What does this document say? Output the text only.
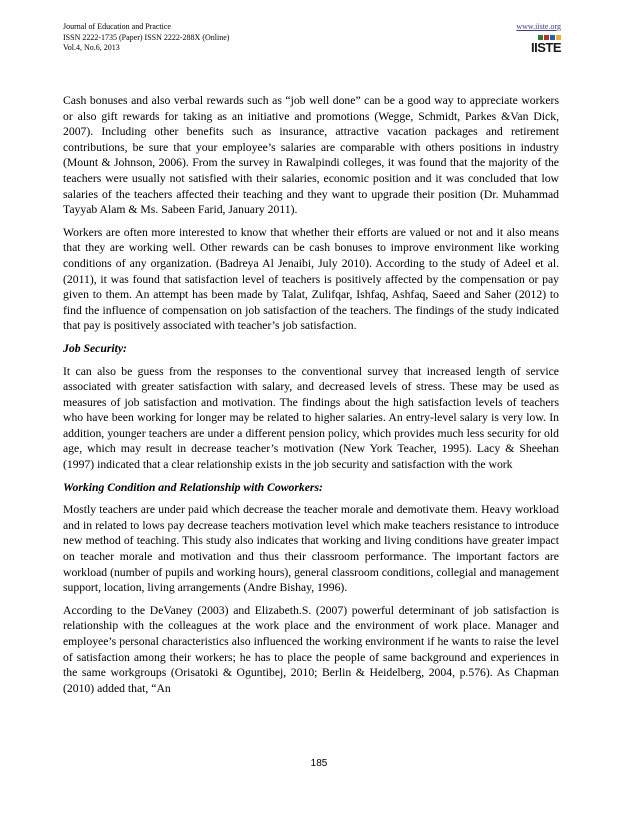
Journal of Education and Practice
ISSN 2222-1735 (Paper) ISSN 2222-288X (Online)
Vol.4, No.6, 2013
www.iiste.org
IISTE

Cash bonuses and also verbal rewards such as “job well done” can be a good way to appreciate workers or also gift rewards for taking as an initiative and promotions (Wegge, Schmidt, Parkes &Van Dick, 2007). Including other benefits such as insurance, attractive vacation packages and retirement contributions, be sure that your employee’s salaries are comparable with others positions in industry (Mount & Johnson, 2006). From the survey in Rawalpindi colleges, it was found that the majority of the teachers were usually not satisfied with their salaries, economic position and it was concluded that low salaries of the teachers affected their teaching and they want to upgrade their position (Dr. Muhammad Tayyab Alam & Ms. Sabeen Farid, January 2011).

Workers are often more interested to know that whether their efforts are valued or not and it also means that they are working well. Other rewards can be cash bonuses to improve environment like working conditions of any organization. (Badreya Al Jenaibi, July 2010). According to the study of Adeel et al. (2011), it was found that satisfaction level of teachers is positively affected by the compensation or pay given to them. An attempt has been made by Talat, Zulifqar, Ishfaq, Ashfaq, Saeed and Saher (2012) to find the influence of compensation on job satisfaction of the teachers. The findings of the study indicated that pay is positively associated with teacher’s job satisfaction.

Job Security:

It can also be guess from the responses to the conventional survey that increased length of service associated with greater satisfaction with salary, and decreased levels of stress. These may be used as measures of job satisfaction and motivation. The findings about the high satisfaction levels of teachers who have been working for longer may be related to higher salaries. An entry-level salary is very low. In addition, younger teachers are under a different pension policy, which provides much less security for old age, which may result in decrease teacher’s motivation (New York Teacher, 1995). Lacy & Sheehan (1997) indicated that a clear relationship exists in the job security and satisfaction with the work

Working Condition and Relationship with Coworkers:

Mostly teachers are under paid which decrease the teacher morale and demotivate them. Heavy workload and in related to lows pay decrease teachers motivation level which make teachers resistance to introduce new method of teaching. This study also indicates that working and living conditions have greater impact on teacher morale and motivation and thus their classroom performance. The important factors are workload (number of pupils and working hours), general classroom conditions, collegial and management support, location, living arrangements (Andre Bishay, 1996).

According to the DeVaney (2003) and Elizabeth.S. (2007) powerful determinant of job satisfaction is relationship with the colleagues at the work place and the environment of work place. Manager and employee’s personal characteristics also influenced the working environment if he wants to raise the level of satisfaction among their workers; he has to place the people of same background and experiences in the same workgroups (Orisatoki & Oguntibej, 2010; Berlin & Heidelberg, 2004, p.576). As Chapman (2010) added that, “An

185
